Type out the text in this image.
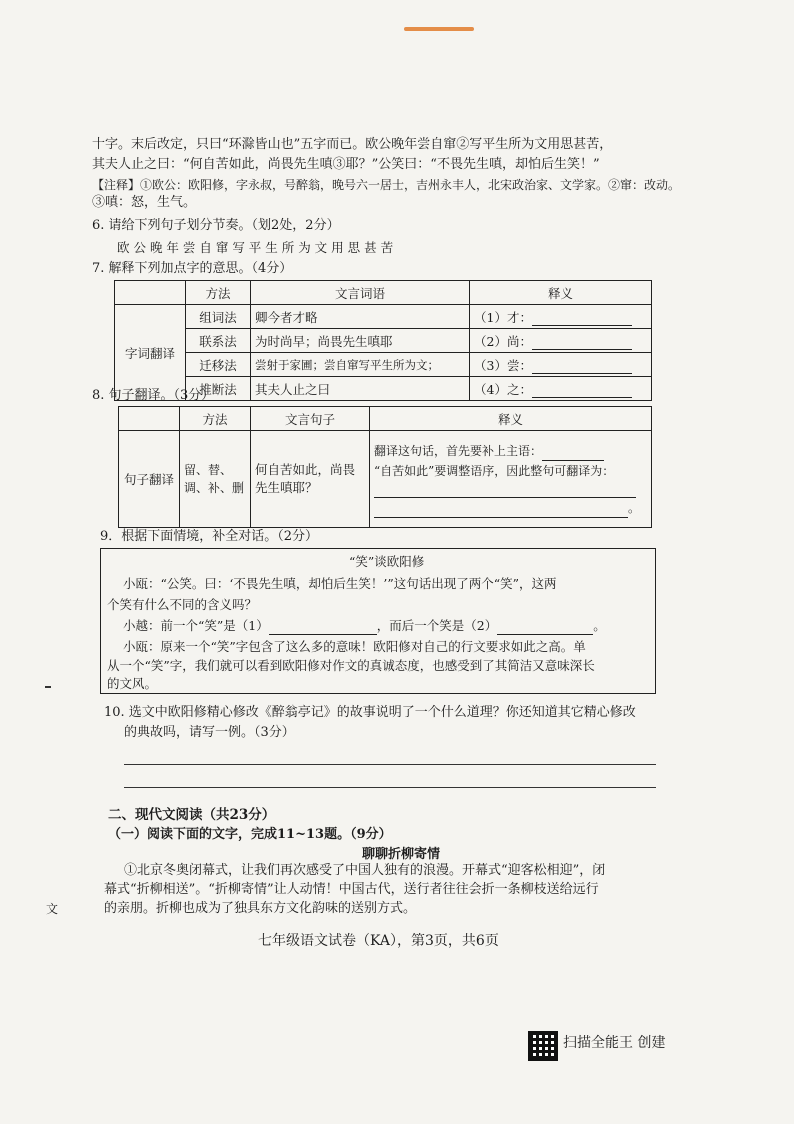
十字。末后改定，只曰“环滁皆山也”五字而已。欧公晚年尝自窜②写平生所为文用思甚苦，
其夫人止之曰：“何自苦如此，尚畏先生嗔③耶？”公笑曰：“不畏先生嗔，却怕后生笑！”
【注释】①欧公：欧阳修，字永叔，号醉翁，晚号六一居士，吉州永丰人，北宋政治家、文学家。②窜：改动。
③嗔：怒，生气。
6. 请给下列句子划分节奏。（划2处，2分）
欧 公 晚 年 尝 自 窜 写 平 生 所 为 文 用 思 甚 苦
7. 解释下列加点字的意思。（4分）
	方法	文言词语	释义
字词翻译	组词法	卿今者才略	（1）才：
	联系法	为时尚早；尚畏先生嗔耶	（2）尚：
	迁移法	尝射于家圃；尝自窜写平生所为文；	（3）尝：
	推断法	其夫人止之曰	（4）之：
8. 句子翻译。（3分）
	方法	文言句子	释义
句子翻译	留、替、调、补、删	何自苦如此，尚畏先生嗔耶？	翻译这句话，首先要补上主语：
“自苦如此”要调整语序，因此整句可翻译为：
。
9．根据下面情境，补全对话。（2分）
“笑”谈欧阳修
小瓯：“公笑。曰：‘不畏先生嗔，却怕后生笑！’”这句话出现了两个“笑”，这两
个笑有什么不同的含义吗？
小越：前一个“笑”是（1）	，而后一个笑是（2）	。
小瓯：原来一个“笑”字包含了这么多的意味！欧阳修对自己的行文要求如此之高。单
从一个“笑”字，我们就可以看到欧阳修对作文的真诚态度，也感受到了其简洁又意味深长
的文风。
10. 选文中欧阳修精心修改《醉翁亭记》的故事说明了一个什么道理？你还知道其它精心修改
的典故吗，请写一例。（3分）
二、现代文阅读（共23分）
（一）阅读下面的文字，完成11~13题。（9分）
聊聊折柳寄情
①北京冬奥闭幕式，让我们再次感受了中国人独有的浪漫。开幕式“迎客松相迎”，闭
幕式“折柳相送”。“折柳寄情”让人动情！中国古代，送行者往往会折一条柳枝送给远行
的亲朋。折柳也成为了独具东方文化韵味的送别方式。
文
七年级语文试卷（KA），第3页，共6页
扫描全能王 创建
